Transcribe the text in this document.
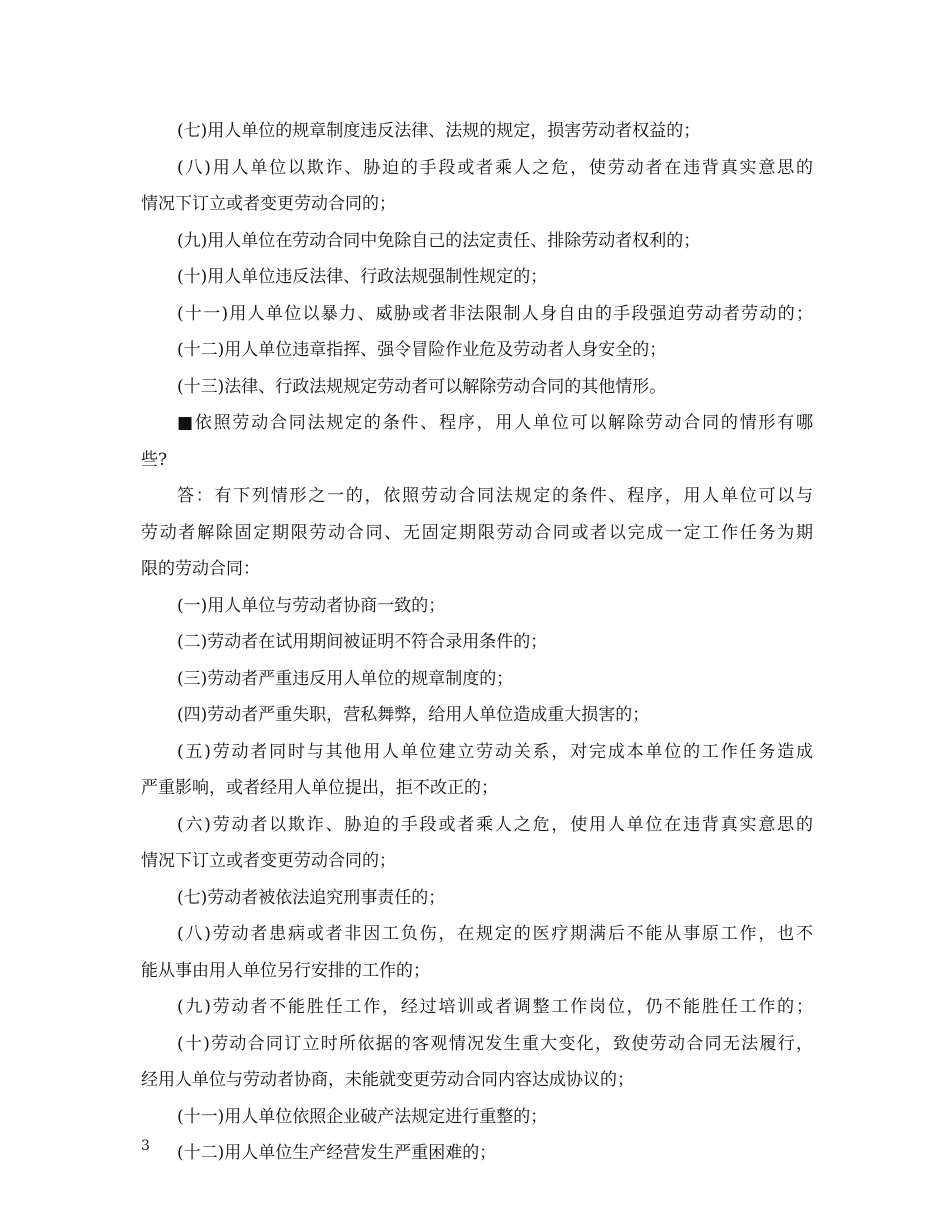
(七)用人单位的规章制度违反法律、法规的规定，损害劳动者权益的；
(八)用人单位以欺诈、胁迫的手段或者乘人之危，使劳动者在违背真实意思的
情况下订立或者变更劳动合同的；
(九)用人单位在劳动合同中免除自己的法定责任、排除劳动者权利的；
(十)用人单位违反法律、行政法规强制性规定的；
(十一)用人单位以暴力、威胁或者非法限制人身自由的手段强迫劳动者劳动的；
(十二)用人单位违章指挥、强令冒险作业危及劳动者人身安全的；
(十三)法律、行政法规规定劳动者可以解除劳动合同的其他情形。
■依照劳动合同法规定的条件、程序，用人单位可以解除劳动合同的情形有哪
些?
答：有下列情形之一的，依照劳动合同法规定的条件、程序，用人单位可以与
劳动者解除固定期限劳动合同、无固定期限劳动合同或者以完成一定工作任务为期
限的劳动合同：
(一)用人单位与劳动者协商一致的；
(二)劳动者在试用期间被证明不符合录用条件的；
(三)劳动者严重违反用人单位的规章制度的；
(四)劳动者严重失职，营私舞弊，给用人单位造成重大损害的；
(五)劳动者同时与其他用人单位建立劳动关系，对完成本单位的工作任务造成
严重影响，或者经用人单位提出，拒不改正的；
(六)劳动者以欺诈、胁迫的手段或者乘人之危，使用人单位在违背真实意思的
情况下订立或者变更劳动合同的；
(七)劳动者被依法追究刑事责任的；
(八)劳动者患病或者非因工负伤，在规定的医疗期满后不能从事原工作，也不
能从事由用人单位另行安排的工作的；
(九)劳动者不能胜任工作，经过培训或者调整工作岗位，仍不能胜任工作的；
(十)劳动合同订立时所依据的客观情况发生重大变化，致使劳动合同无法履行，
经用人单位与劳动者协商，未能就变更劳动合同内容达成协议的；
(十一)用人单位依照企业破产法规定进行重整的；
(十二)用人单位生产经营发生严重困难的；
3
